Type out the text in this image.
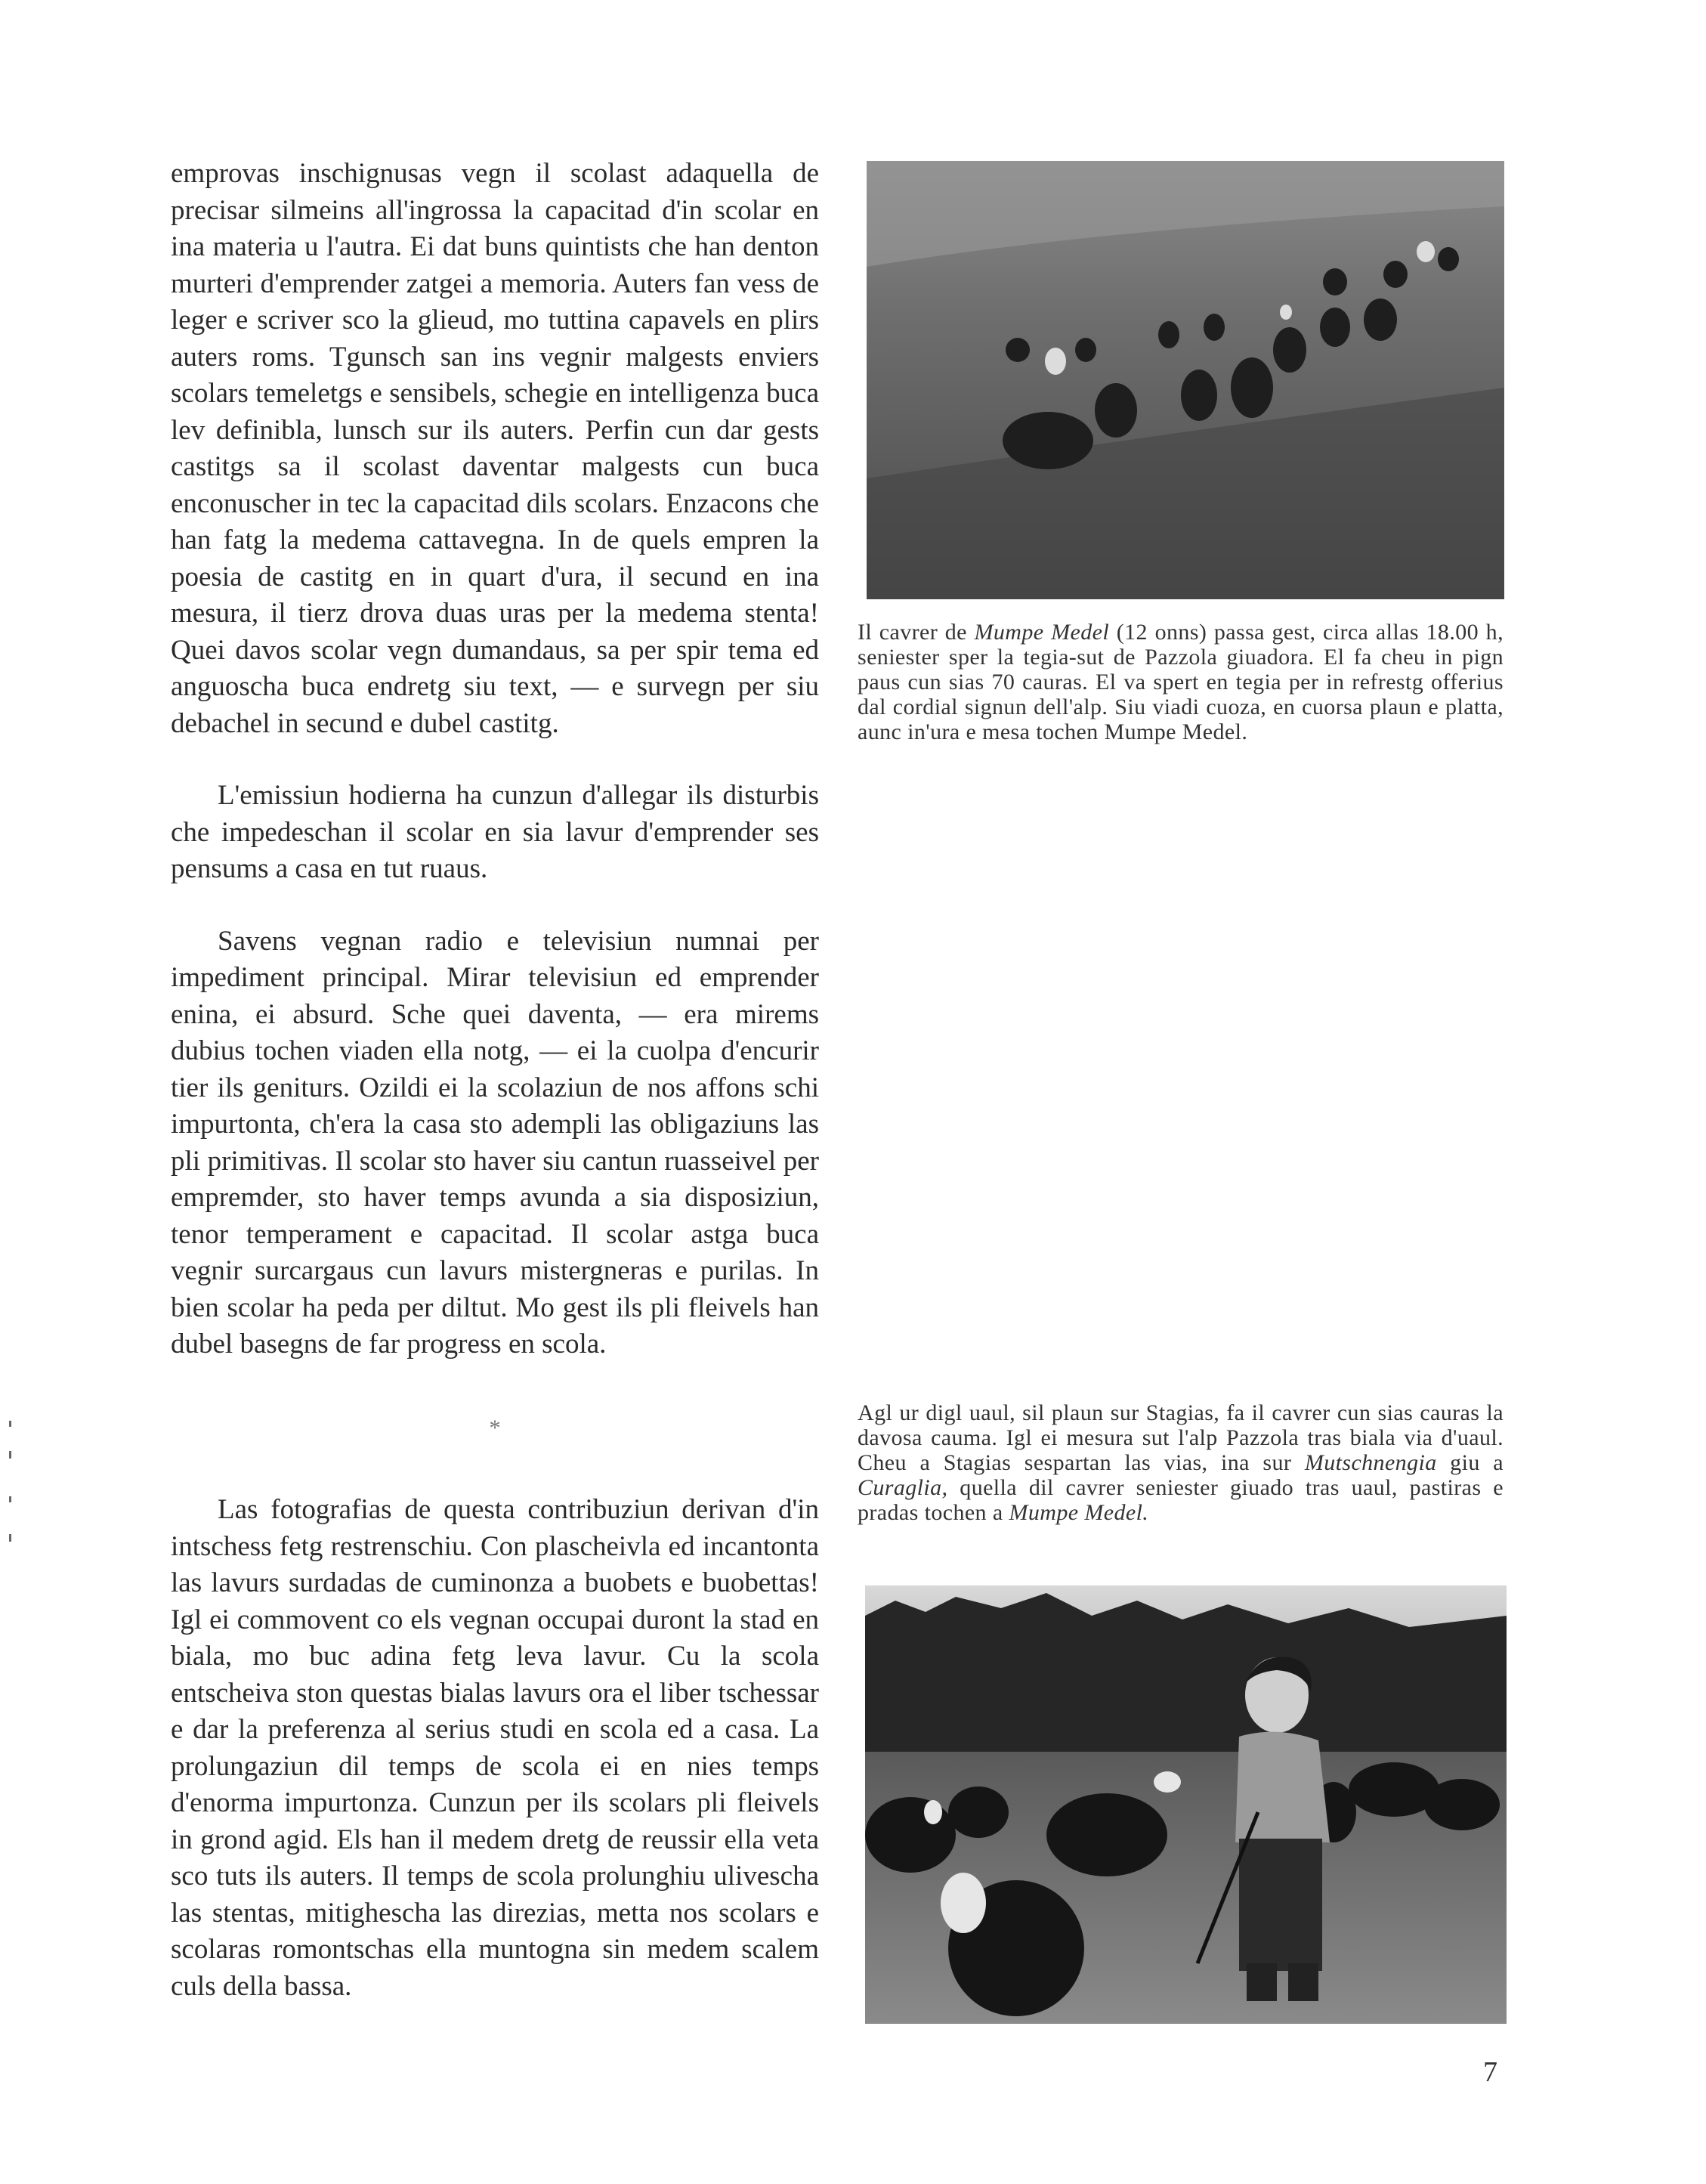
emprovas inschignusas vegn il scolast adaquella de precisar silmeins all'ingrossa la capacitad d'in scolar en ina materia u l'autra. Ei dat buns quintists che han denton murteri d'emprender zatgei a memoria. Auters fan vess de leger e scriver sco la glieud, mo tuttina capavels en plirs auters roms. Tgunsch san ins vegnir malgests enviers scolars temeletgs e sensibels, schegie en intelligenza buca lev definibla, lunsch sur ils auters. Perfin cun dar gests castitgs sa il scolast daventar malgests cun buca enconuscher in tec la capacitad dils scolars. Enzacons che han fatg la medema cattavegna. In de quels empren la poesia de castitg en in quart d'ura, il secund en ina mesura, il tierz drova duas uras per la medema stenta! Quei davos scolar vegn dumandaus, sa per spir tema ed anguoscha buca endretg siu text, — e survegn per siu debachel in secund e dubel castitg.

L'emissiun hodierna ha cunzun d'allegar ils disturbis che impedeschan il scolar en sia lavur d'emprender ses pensums a casa en tut ruaus.

Savens vegnan radio e televisiun numnai per impediment principal. Mirar televisiun ed emprender enina, ei absurd. Sche quei daventa, — era mirems dubius tochen viaden ella notg, — ei la cuolpa d'encurir tier ils geniturs. Ozildi ei la scolaziun de nos affons schi impurtonta, ch'era la casa sto adempli las obligaziuns las pli primitivas. Il scolar sto haver siu cantun ruasseivel per empremder, sto haver temps avunda a sia disposiziun, tenor temperament e capacitad. Il scolar astga buca vegnir surcargaus cun lavurs mistergneras e purilas. In bien scolar ha peda per diltut. Mo gest ils pli fleivels han dubel basegns de far progress en scola.

*

Las fotografias de questa contribuziun derivan d'in intschess fetg restrenschiu. Con plascheivla ed incantonta las lavurs surdadas de cuminonza a buobets e buobettas! Igl ei commovent co els vegnan occupai duront la stad en biala, mo buc adina fetg leva lavur. Cu la scola entscheiva ston questas bialas lavurs ora el liber tschessar e dar la preferenza al serius studi en scola ed a casa. La prolungaziun dil temps de scola ei en nies temps d'enorma impurtonza. Cunzun per ils scolars pli fleivels in grond agid. Els han il medem dretg de reussir ella veta sco tuts ils auters. Il temps de scola prolunghiu ulivescha las stentas, mitighescha las direzias, metta nos scolars e scolaras romontschas ella muntogna sin medem scalem culs della bassa.

Il cavrer de Mumpe Medel (12 onns) passa gest, circa allas 18.00 h, seniester sper la tegia-sut de Pazzola giuadora. El fa cheu in pign paus cun sias 70 cauras. El va spert en tegia per in refrestg offerius dal cordial signun dell'alp. Siu viadi cuoza, en cuorsa plaun e platta, aunc in'ura e mesa tochen Mumpe Medel.
Agl ur digl uaul, sil plaun sur Stagias, fa il cavrer cun sias cauras la davosa cauma. Igl ei mesura sut l'alp Pazzola tras biala via d'uaul. Cheu a Stagias sespartan las vias, ina sur Mutschnengia giu a Curaglia, quella dil cavrer seniester giuado tras uaul, pastiras e pradas tochen a Mumpe Medel.
7
